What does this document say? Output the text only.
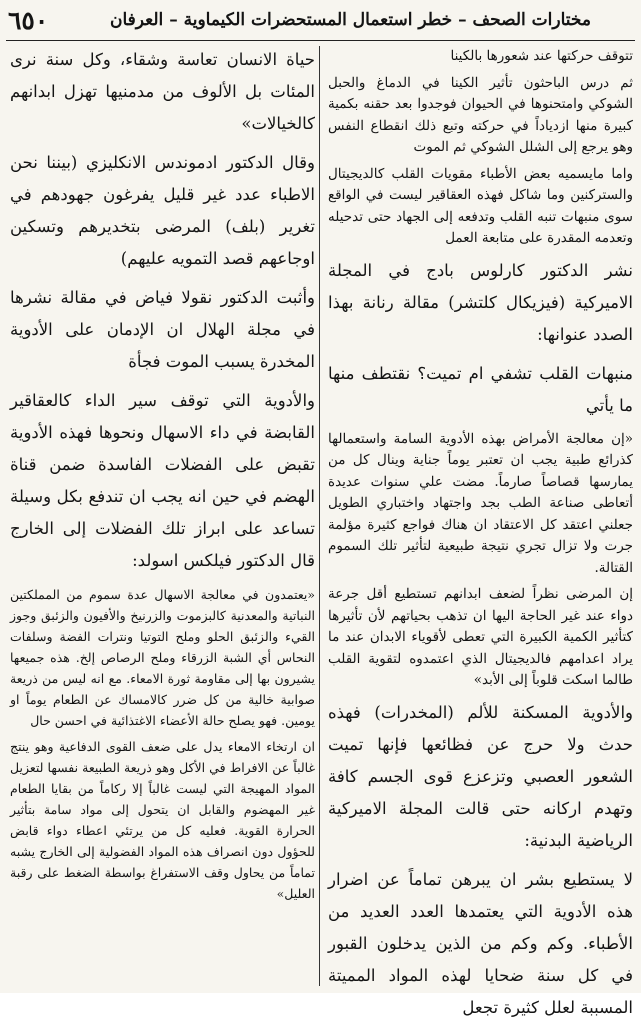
٦٥٠	مختارات الصحف – خطر استعمال المستحضرات الكيماوية – العرفان

تتوقف حركتها عند شعورها بالكينا

ثم درس الباحثون تأثير الكينا في الدماغ والحبل الشوكي وامتحنوها في الحيوان فوجدوا بعد حقنه بكمية كبيرة منها ازدياداً في حركته وتبع ذلك انقطاع النفس وهو يرجع إلى الشلل الشوكي ثم الموت

واما مايسميه بعض الأطباء مقويات القلب كالديجيتال والستركنين وما شاكل فهذه العقاقير ليست في الواقع سوى منبهات تنبه القلب وتدفعه إلى الجهاد حتى تدحيله وتعدمه المقدرة على متابعة العمل

نشر الدكتور كارلوس بادج في المجلة الاميركية (فيزيكال كلتشر) مقالة رنانة بهذا الصدد عنوانها:

منبهات القلب تشفي ام تميت؟ نقتطف منها ما يأتي

«إن معالجة الأمراض بهذه الأدوية السامة واستعمالها كذرائع طبية يجب ان تعتبر يوماً جناية وينال كل من يمارسها قصاصاً صارماً. مضت علي سنوات عديدة أتعاطى صناعة الطب بجد واجتهاد واختباري الطويل جعلني اعتقد كل الاعتقاد ان هناك فواجع كثيرة مؤلمة جرت ولا تزال تجري نتيجة طبيعية لتأثير تلك السموم القتالة.

إن المرضى نظراً لضعف ابدانهم تستطيع أقل جرعة دواء عند غير الحاجة اليها ان تذهب بحياتهم لأن تأثيرها كتأثير الكمية الكبيرة التي تعطى لأقوياء الابدان عند ما يراد اعدامهم فالديجيتال الذي اعتمدوه لتقوية القلب طالما اسكت قلوباً إلى الأبد»

والأدوية المسكنة للألم (المخدرات) فهذه حدث ولا حرج عن فظائعها فإنها تميت الشعور العصبي وتزعزع قوى الجسم كافة وتهدم اركانه حتى قالت المجلة الاميركية الرياضية البدنية:

لا يستطيع بشر ان يبرهن تماماً عن اضرار هذه الأدوية التي يعتمدها العدد العديد من الأطباء. وكم وكم من الذين يدخلون القبور في كل سنة ضحايا لهذه المواد المميتة المسببة لعلل كثيرة تجعل

حياة الانسان تعاسة وشقاء، وكل سنة نرى المئات بل الألوف من مدمنيها تهزل ابدانهم كالخيالات»

وقال الدكتور ادموندس الانكليزي (بيننا نحن الاطباء عدد غير قليل يفرغون جهودهم في تغرير (بلف) المرضى بتخديرهم وتسكين اوجاعهم قصد التمويه عليهم)

وأثبت الدكتور نقولا فياض في مقالة نشرها في مجلة الهلال ان الإدمان على الأدوية المخدرة يسبب الموت فجأة

والأدوية التي توقف سير الداء كالعقاقير القابضة في داء الاسهال ونحوها فهذه الأدوية تقبض على الفضلات الفاسدة ضمن قناة الهضم في حين انه يجب ان تندفع بكل وسيلة تساعد على ابراز تلك الفضلات إلى الخارج قال الدكتور فيلكس اسولد:

«يعتمدون في معالجة الاسهال عدة سموم من المملكتين النباتية والمعدنية كالبزموت والزرنيخ والأفيون والزئبق وجوز القيء والزئبق الحلو وملح التوتيا ونترات الفضة وسلفات النحاس أي الشبة الزرقاء وملح الرصاص إلخ. هذه جميعها يشيرون بها إلى مقاومة ثورة الامعاء. مع انه ليس من ذريعة صوابية خالية من كل ضرر كالامساك عن الطعام يوماً او يومين. فهو يصلح حالة الأعضاء الاغتذائية في احسن حال

ان ارتخاء الامعاء يدل على ضعف القوى الدفاعية وهو ينتج غالباً عن الافراط في الأكل وهو ذريعة الطبيعة نفسها لتعزيل المواد المهيجة التي ليست غالباً إلا ركاماً من بقايا الطعام غير المهضوم والقابل ان يتحول إلى مواد سامة بتأثير الحرارة القوية. فعليه كل من يرتئي اعطاء دواء قابض للحؤول دون انصراف هذه المواد الفضولية إلى الخارج يشبه تماماً من يحاول وقف الاستفراغ بواسطة الضغط على رقبة العليل»
